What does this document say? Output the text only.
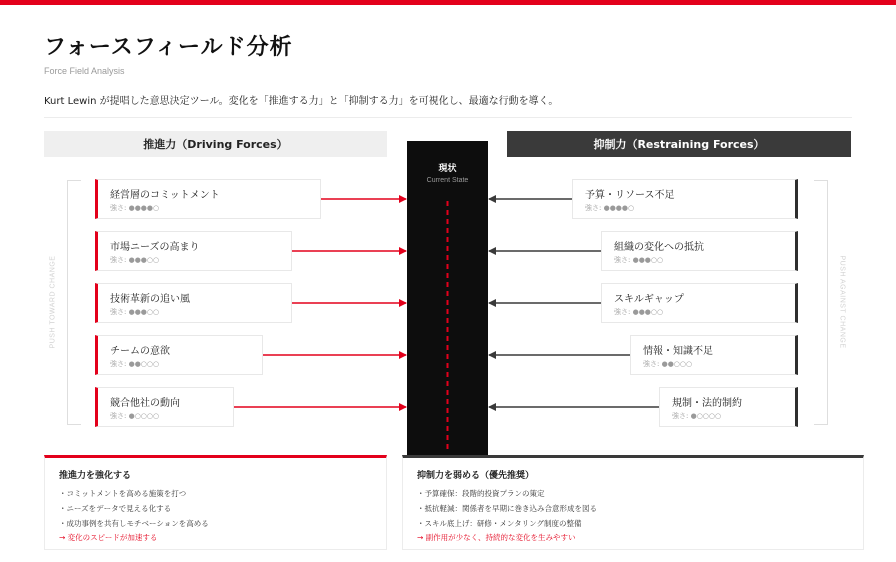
フォースフィールド分析
Force Field Analysis
Kurt Lewin が提唱した意思決定ツール。変化を「推進する力」と「抑制する力」を可視化し、最適な行動を導く。
推進力（Driving Forces）	抑制力（Restraining Forces）
PUSH TOWARD CHANGE	PUSH AGAINST CHANGE
現状
Current State
経営層のコミットメント
強さ: ●●●●○
市場ニーズの高まり
強さ: ●●●○○
技術革新の追い風
強さ: ●●●○○
チームの意欲
強さ: ●●○○○
競合他社の動向
強さ: ●○○○○
予算・リソース不足
強さ: ●●●●○
組織の変化への抵抗
強さ: ●●●○○
スキルギャップ
強さ: ●●●○○
情報・知識不足
強さ: ●●○○○
規制・法的制約
強さ: ●○○○○
推進力を強化する
・コミットメントを高める施策を打つ
・ニーズをデータで見える化する
・成功事例を共有しモチベーションを高める
→ 変化のスピードが加速する
抑制力を弱める（優先推奨）
・予算確保：段階的投資プランの策定
・抵抗軽減：関係者を早期に巻き込み合意形成を図る
・スキル底上げ：研修・メンタリング制度の整備
→ 副作用が少なく、持続的な変化を生みやすい
